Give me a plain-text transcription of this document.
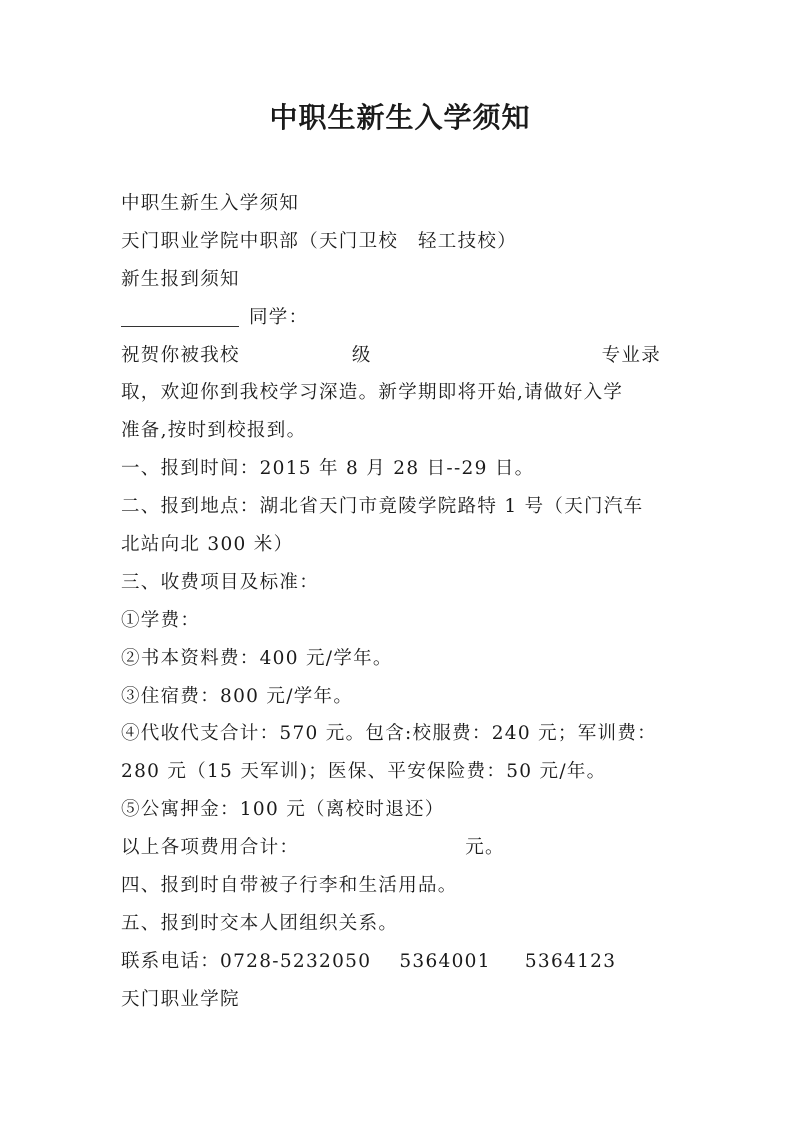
中职生新生入学须知
中职生新生入学须知
天门职业学院中职部（天门卫校　轻工技校）
新生报到须知
同学：
祝贺你被我校	级	专业录
取，欢迎你到我校学习深造。新学期即将开始,请做好入学
准备,按时到校报到。
一、报到时间：2015 年 8 月 28 日--29 日。
二、报到地点：湖北省天门市竟陵学院路特 1 号（天门汽车
北站向北 300 米）
三、收费项目及标准：
①学费：
②书本资料费：400 元/学年。
③住宿费：800 元/学年。
④代收代支合计：570 元。包含:校服费：240 元；军训费：
280 元（15 天军训)；医保、平安保险费：50 元/年。
⑤公寓押金：100 元（离校时退还）
以上各项费用合计：	元。
四、报到时自带被子行李和生活用品。
五、报到时交本人团组织关系。
联系电话：0728-5232050 5364001 5364123
天门职业学院
